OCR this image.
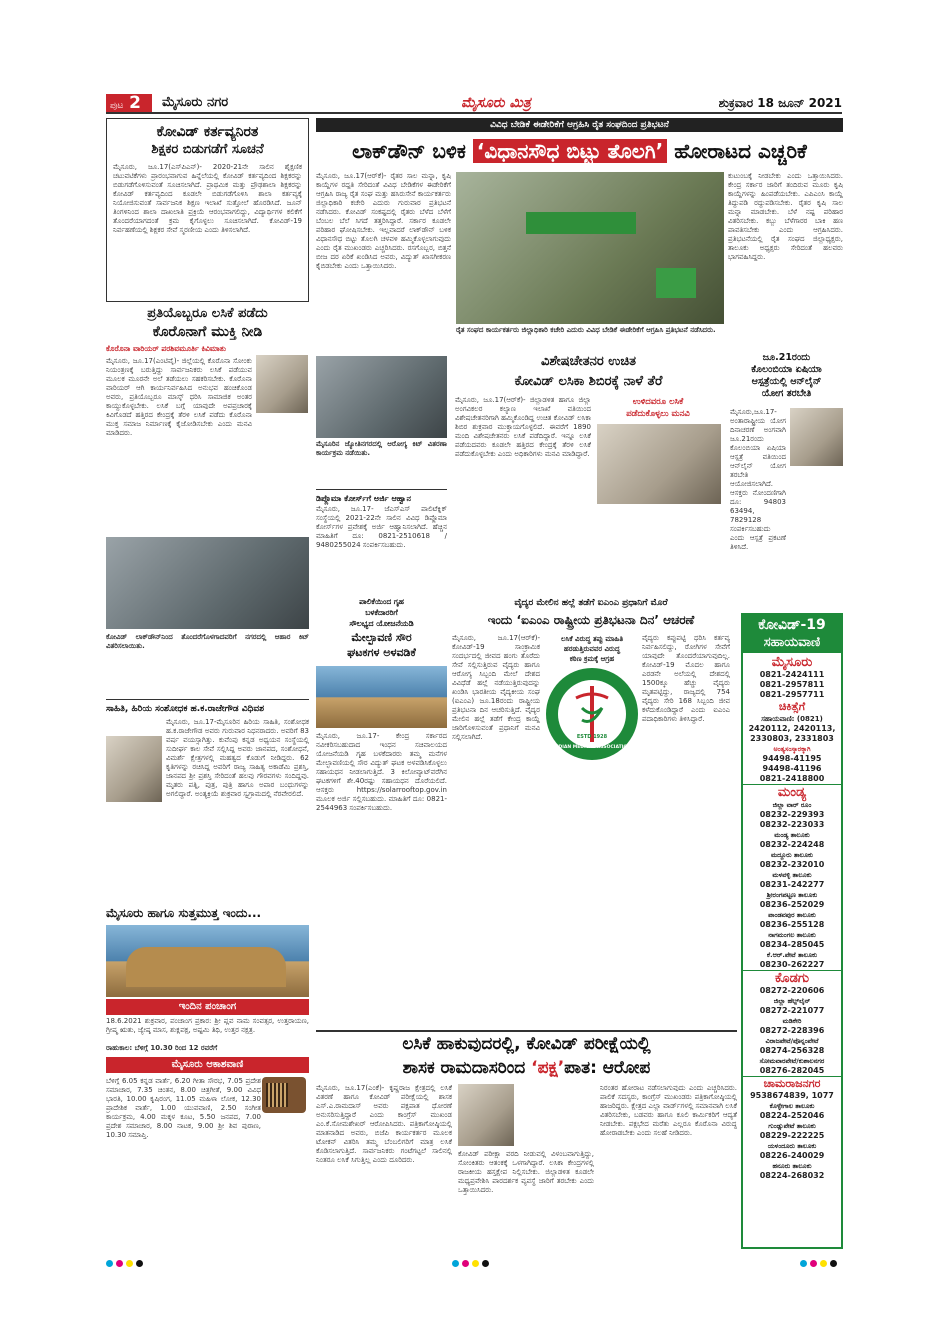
ಪುಟ 2	ಮೈಸೂರು ನಗರ	ಮೈಸೂರು ಮಿತ್ರ	ಶುಕ್ರವಾರ 18 ಜೂನ್ 2021
ಕೋವಿಡ್ ಕರ್ತವ್ಯನಿರತ
ಶಿಕ್ಷಕರ ಬಿಡುಗಡೆಗೆ ಸೂಚನೆ
ಮೈಸೂರು, ಜೂ.17(ಎಸ್‌ಪಿಎನ್)- 2020-21ನೇ ಸಾಲಿನ ಶೈಕ್ಷಣಿಕ ಚಟುವಟಿಕೆಗಳು ಪ್ರಾರಂಭವಾಗುವ ಹಿನ್ನೆಲೆಯಲ್ಲಿ ಕೋವಿಡ್ ಕರ್ತವ್ಯದಿಂದ ಶಿಕ್ಷಕರನ್ನು ಬಿಡುಗಡೆಗೊಳಿಸುವಂತೆ ಸೂಚಿಸಲಾಗಿದೆ. ಪ್ರಾಥಮಿಕ ಮತ್ತು ಪ್ರೌಢಶಾಲಾ ಶಿಕ್ಷಕರನ್ನು ಕೋವಿಡ್ ಕರ್ತವ್ಯದಿಂದ ಕೂಡಲೇ ಬಿಡುಗಡೆಗೊಳಿಸಿ ಶಾಲಾ ಕರ್ತವ್ಯಕ್ಕೆ ನಿಯೋಜಿಸುವಂತೆ ಸಾರ್ವಜನಿಕ ಶಿಕ್ಷಣ ಇಲಾಖೆ ಸುತ್ತೋಲೆ ಹೊರಡಿಸಿದೆ. ಜೂನ್ ತಿಂಗಳಿನಿಂದ ಶಾಲಾ ದಾಖಲಾತಿ ಪ್ರಕ್ರಿಯೆ ಆರಂಭವಾಗಲಿದ್ದು, ವಿದ್ಯಾರ್ಥಿಗಳ ಕಲಿಕೆಗೆ ತೊಂದರೆಯಾಗದಂತೆ ಕ್ರಮ ಕೈಗೊಳ್ಳಲು ಸೂಚಿಸಲಾಗಿದೆ. ಕೋವಿಡ್-19 ನಿರ್ವಹಣೆಯಲ್ಲಿ ಶಿಕ್ಷಕರ ಸೇವೆ ಸ್ಮರಣೀಯ ಎಂದು ತಿಳಿಸಲಾಗಿದೆ.
ಪ್ರತಿಯೊಬ್ಬರೂ ಲಸಿಕೆ ಪಡೆದು
ಕೊರೊನಾಗೆ ಮುಕ್ತಿ ನೀಡಿ
ಕೊರೊನಾ ವಾರಿಯರ್ ಪರಶಿವಮೂರ್ತಿ ಕಿವಿಮಾತು
ಮೈಸೂರು, ಜೂ.17(ಎಂಟಿವೈ)- ಜಿಲ್ಲೆಯಲ್ಲಿ ಕೊರೊನಾ ಸೋಂಕು ನಿಯಂತ್ರಣಕ್ಕೆ ಬರುತ್ತಿದ್ದು ಸಾರ್ವಜನಿಕರು ಲಸಿಕೆ ಪಡೆಯುವ ಮೂಲಕ ಮೂರನೇ ಅಲೆ ತಡೆಯಲು ಸಹಕರಿಸಬೇಕು. ಕೊರೊನಾ ವಾರಿಯರ್ ಆಗಿ ಕಾರ್ಯನಿರ್ವಹಿಸಿದ ಅನುಭವ ಹಂಚಿಕೊಂಡ ಅವರು, ಪ್ರತಿಯೊಬ್ಬರೂ ಮಾಸ್ಕ್ ಧರಿಸಿ ಸಾಮಾಜಿಕ ಅಂತರ ಕಾಯ್ದುಕೊಳ್ಳಬೇಕು. ಲಸಿಕೆ ಬಗ್ಗೆ ಯಾವುದೇ ಅಪಪ್ರಚಾರಕ್ಕೆ ಕಿವಿಗೊಡದೆ ಹತ್ತಿರದ ಕೇಂದ್ರಕ್ಕೆ ತೆರಳಿ ಲಸಿಕೆ ಪಡೆದು ಕೊರೊನಾ ಮುಕ್ತ ಸಮಾಜ ನಿರ್ಮಾಣಕ್ಕೆ ಕೈಜೋಡಿಸಬೇಕು ಎಂದು ಮನವಿ ಮಾಡಿದರು.
ಕೋವಿಡ್ ಲಾಕ್‌ಡೌನ್‌ನಿಂದ ತೊಂದರೆಗೊಳಗಾದವರಿಗೆ ನಗರದಲ್ಲಿ ಆಹಾರ ಕಿಟ್ ವಿತರಿಸಲಾಯಿತು.
ಸಾಹಿತಿ, ಹಿರಿಯ ಸಂಶೋಧಕ ಹ.ಕ.ರಾಜೇಗೌಡ ವಿಧಿವಶ
ಮೈಸೂರು, ಜೂ.17-ಮೈಸೂರಿನ ಹಿರಿಯ ಸಾಹಿತಿ, ಸಂಶೋಧಕ ಹ.ಕ.ರಾಜೇಗೌಡ ಅವರು ಗುರುವಾರ ನಿಧನರಾದರು. ಅವರಿಗೆ 83 ವರ್ಷ ವಯಸ್ಸಾಗಿತ್ತು. ಕುವೆಂಪು ಕನ್ನಡ ಅಧ್ಯಯನ ಸಂಸ್ಥೆಯಲ್ಲಿ ಸುದೀರ್ಘ ಕಾಲ ಸೇವೆ ಸಲ್ಲಿಸಿದ್ದ ಅವರು ಜಾನಪದ, ಸಂಶೋಧನೆ, ವಿಮರ್ಶೆ ಕ್ಷೇತ್ರಗಳಲ್ಲಿ ಮಹತ್ವದ ಕೊಡುಗೆ ನೀಡಿದ್ದರು. 62 ಕೃತಿಗಳನ್ನು ರಚಿಸಿದ್ದ ಅವರಿಗೆ ರಾಜ್ಯ ಸಾಹಿತ್ಯ ಅಕಾಡೆಮಿ ಪ್ರಶಸ್ತಿ, ಜಾನಪದ ಶ್ರೀ ಪ್ರಶಸ್ತಿ ಸೇರಿದಂತೆ ಹಲವು ಗೌರವಗಳು ಸಂದಿದ್ದವು. ಮೃತರು ಪತ್ನಿ, ಪುತ್ರ, ಪುತ್ರಿ ಹಾಗೂ ಅಪಾರ ಬಂಧುಗಳನ್ನು ಅಗಲಿದ್ದಾರೆ. ಅಂತ್ಯಕ್ರಿಯೆ ಶುಕ್ರವಾರ ಸ್ವಗ್ರಾಮದಲ್ಲಿ ನೆರವೇರಲಿದೆ.
ಮೈಸೂರು ಹಾಗೂ ಸುತ್ತಮುತ್ತ ಇಂದು...
ಇಂದಿನ ಪಂಚಾಂಗ
18.6.2021 ಶುಕ್ರವಾರ, ಪಂಚಾಂಗ ಪ್ರಕಾರ: ಶ್ರೀ ಪ್ಲವ ನಾಮ ಸಂವತ್ಸರ, ಉತ್ತರಾಯಣ, ಗ್ರೀಷ್ಮ ಋತು, ಜ್ಯೇಷ್ಠ ಮಾಸ, ಶುಕ್ಲಪಕ್ಷ, ಅಷ್ಟಮಿ ತಿಥಿ, ಉತ್ತರ ನಕ್ಷತ್ರ.
ರಾಹುಕಾಲ: ಬೆಳಿಗ್ಗೆ 10.30 ರಿಂದ 12 ರವರೆಗೆ
ಮೈಸೂರು ಆಕಾಶವಾಣಿ
ಬೆಳಿಗ್ಗೆ 6.05 ಕನ್ನಡ ವಾರ್ತೆ, 6.20 ಗೀತಾ ಸೌರಭ, 7.05 ಪ್ರದೇಶ ಸಮಾಚಾರ, 7.35 ಚಿಂತನ, 8.00 ಚಿತ್ರಗೀತೆ, 9.00 ವಿವಿಧ ಭಾರತಿ, 10.00 ಕೃಷಿರಂಗ, 11.05 ಮಹಿಳಾ ಲೋಕ, 12.30 ಪ್ರಾದೇಶಿಕ ವಾರ್ತೆ, 1.00 ಯುವವಾಣಿ, 2.50 ಸಂಗೀತ ಕಾರ್ಯಕ್ರಮ, 4.00 ಮಕ್ಕಳ ಕೂಟ, 5.50 ಜನಪದ, 7.00 ಪ್ರದೇಶ ಸಮಾಚಾರ, 8.00 ನಾಟಕ, 9.00 ಶ್ರೀ ಶಿವ ಪುರಾಣ, 10.30 ಸಮಾಪ್ತಿ.
ವಿವಿಧ ಬೇಡಿಕೆ ಈಡೇರಿಕೆಗೆ ಆಗ್ರಹಿಸಿ ರೈತ ಸಂಘದಿಂದ ಪ್ರತಿಭಟನೆ
ಲಾಕ್‌ಡೌನ್ ಬಳಿಕ ‘ವಿಧಾನಸೌಧ ಬಿಟ್ಟು ತೊಲಗಿ’ ಹೋರಾಟದ ಎಚ್ಚರಿಕೆ
ಮೈಸೂರು, ಜೂ.17(ಆರ್‌ಕೆ)- ರೈತರ ಸಾಲ ಮನ್ನಾ, ಕೃಷಿ ಕಾಯ್ದೆಗಳ ರದ್ದತಿ ಸೇರಿದಂತೆ ವಿವಿಧ ಬೇಡಿಕೆಗಳ ಈಡೇರಿಕೆಗೆ ಆಗ್ರಹಿಸಿ ರಾಜ್ಯ ರೈತ ಸಂಘ ಮತ್ತು ಹಸಿರುಸೇನೆ ಕಾರ್ಯಕರ್ತರು ಜಿಲ್ಲಾಧಿಕಾರಿ ಕಚೇರಿ ಎದುರು ಗುರುವಾರ ಪ್ರತಿಭಟನೆ ನಡೆಸಿದರು. ಕೋವಿಡ್ ಸಂಕಷ್ಟದಲ್ಲಿ ರೈತರು ಬೆಳೆದ ಬೆಳೆಗೆ ಬೆಂಬಲ ಬೆಲೆ ಸಿಗದೆ ತತ್ತರಿಸಿದ್ದಾರೆ. ಸರ್ಕಾರ ಕೂಡಲೇ ಪರಿಹಾರ ಘೋಷಿಸಬೇಕು. ಇಲ್ಲವಾದರೆ ಲಾಕ್‌ಡೌನ್ ಬಳಿಕ ವಿಧಾನಸೌಧ ಬಿಟ್ಟು ತೊಲಗಿ ಚಳವಳಿ ಹಮ್ಮಿಕೊಳ್ಳಲಾಗುವುದು ಎಂದು ರೈತ ಮುಖಂಡರು ಎಚ್ಚರಿಸಿದರು. ರಸಗೊಬ್ಬರ, ಬಿತ್ತನೆ ಬೀಜ ದರ ಏರಿಕೆ ಖಂಡಿಸಿದ ಅವರು, ವಿದ್ಯುತ್ ಖಾಸಗೀಕರಣ ಕೈಬಿಡಬೇಕು ಎಂದು ಒತ್ತಾಯಿಸಿದರು.
ರೈತ ಸಂಘದ ಕಾರ್ಯಕರ್ತರು ಜಿಲ್ಲಾಧಿಕಾರಿ ಕಚೇರಿ ಎದುರು ವಿವಿಧ ಬೇಡಿಕೆ ಈಡೇರಿಕೆಗೆ ಆಗ್ರಹಿಸಿ ಪ್ರತಿಭಟನೆ ನಡೆಸಿದರು.
ಕುಟುಂಬಕ್ಕೆ ನೀಡಬೇಕು ಎಂದು ಒತ್ತಾಯಿಸಿದರು. ಕೇಂದ್ರ ಸರ್ಕಾರ ಜಾರಿಗೆ ತಂದಿರುವ ಮೂರು ಕೃಷಿ ಕಾಯ್ದೆಗಳನ್ನು ಹಿಂಪಡೆಯಬೇಕು. ಎಪಿಎಂಸಿ ಕಾಯ್ದೆ ತಿದ್ದುಪಡಿ ರದ್ದುಪಡಿಸಬೇಕು. ರೈತರ ಕೃಷಿ ಸಾಲ ಮನ್ನಾ ಮಾಡಬೇಕು. ಬೆಳೆ ನಷ್ಟ ಪರಿಹಾರ ವಿತರಿಸಬೇಕು. ಕಬ್ಬು ಬೆಳೆಗಾರರ ಬಾಕಿ ಹಣ ಪಾವತಿಸಬೇಕು ಎಂದು ಆಗ್ರಹಿಸಿದರು. ಪ್ರತಿಭಟನೆಯಲ್ಲಿ ರೈತ ಸಂಘದ ಜಿಲ್ಲಾಧ್ಯಕ್ಷರು, ತಾಲೂಕು ಅಧ್ಯಕ್ಷರು ಸೇರಿದಂತೆ ಹಲವರು ಭಾಗವಹಿಸಿದ್ದರು.
ಮೈಸೂರಿನ ಜ್ಯೋತಿನಗರದಲ್ಲಿ ಆರೋಗ್ಯ ಕಿಟ್ ವಿತರಣಾ ಕಾರ್ಯಕ್ರಮ ನಡೆಯಿತು.
ಡಿಪ್ಲೊಮಾ ಕೋರ್ಸ್‌ಗೆ ಅರ್ಜಿ ಆಹ್ವಾನ
ಮೈಸೂರು, ಜೂ.17- ಜೆಎಸ್‌ಎಸ್ ಪಾಲಿಟೆಕ್ನಿಕ್ ಸಂಸ್ಥೆಯಲ್ಲಿ 2021-22ನೇ ಸಾಲಿನ ವಿವಿಧ ಡಿಪ್ಲೊಮಾ ಕೋರ್ಸ್‌ಗಳ ಪ್ರವೇಶಕ್ಕೆ ಅರ್ಜಿ ಆಹ್ವಾನಿಸಲಾಗಿದೆ. ಹೆಚ್ಚಿನ ಮಾಹಿತಿಗೆ ದೂ: 0821-2510618 / 9480255024 ಸಂಪರ್ಕಿಸಬಹುದು.
ವಿಶೇಷಚೇತನರ ಉಚಿತ
ಕೋವಿಡ್ ಲಸಿಕಾ ಶಿಬಿರಕ್ಕೆ ನಾಳೆ ತೆರೆ
ಉಳಿದವರೂ ಲಸಿಕೆ
ಪಡೆದುಕೊಳ್ಳಲು ಮನವಿ
ಮೈಸೂರು, ಜೂ.17(ಆರ್‌ಕೆ)- ಜಿಲ್ಲಾಡಳಿತ ಹಾಗೂ ಜಿಲ್ಲಾ ಅಂಗವಿಕಲರ ಕಲ್ಯಾಣ ಇಲಾಖೆ ವತಿಯಿಂದ ವಿಶೇಷಚೇತನರಿಗಾಗಿ ಹಮ್ಮಿಕೊಂಡಿದ್ದ ಉಚಿತ ಕೋವಿಡ್ ಲಸಿಕಾ ಶಿಬಿರ ಶುಕ್ರವಾರ ಮುಕ್ತಾಯಗೊಳ್ಳಲಿದೆ. ಈವರೆಗೆ 1890 ಮಂದಿ ವಿಶೇಷಚೇತನರು ಲಸಿಕೆ ಪಡೆದಿದ್ದಾರೆ. ಇನ್ನೂ ಲಸಿಕೆ ಪಡೆಯದವರು ಕೂಡಲೇ ಹತ್ತಿರದ ಕೇಂದ್ರಕ್ಕೆ ತೆರಳಿ ಲಸಿಕೆ ಪಡೆದುಕೊಳ್ಳಬೇಕು ಎಂದು ಅಧಿಕಾರಿಗಳು ಮನವಿ ಮಾಡಿದ್ದಾರೆ.
ಜೂ.21ರಂದು
ಕೊಲಂಬಿಯಾ ಏಷಿಯಾ
ಆಸ್ಪತ್ರೆಯಲ್ಲಿ ಆನ್‌ಲೈನ್
ಯೋಗ ತರಬೇತಿ
ಮೈಸೂರು,ಜೂ.17-ಅಂತಾರಾಷ್ಟ್ರೀಯ ಯೋಗ ದಿನಾಚರಣೆ ಅಂಗವಾಗಿ ಜೂ.21ರಂದು ಕೊಲಂಬಿಯಾ ಏಷಿಯಾ ಆಸ್ಪತ್ರೆ ವತಿಯಿಂದ ಆನ್‌ಲೈನ್ ಯೋಗ ತರಬೇತಿ ಆಯೋಜಿಸಲಾಗಿದೆ. ಆಸಕ್ತರು ನೋಂದಣಿಗಾಗಿ ದೂ: 94803 63494, 7829128 ಸಂಪರ್ಕಿಸಬಹುದು ಎಂದು ಆಸ್ಪತ್ರೆ ಪ್ರಕಟಣೆ ತಿಳಿಸಿದೆ.
ಪಾಲಿಕೆಯಿಂದ ಗೃಹ
ಬಳಕೆದಾರರಿಗೆ
ಸೌಲಭ್ಯದ ಯೋಜನೆಯಡಿ
ಮೇಲ್ಛಾವಣಿ ಸೌರ
ಘಟಕಗಳ ಅಳವಡಿಕೆ
ಮೈಸೂರು, ಜೂ.17- ಕೇಂದ್ರ ಸರ್ಕಾರದ ನವೀಕರಿಸಬಹುದಾದ ಇಂಧನ ಸಚಿವಾಲಯದ ಯೋಜನೆಯಡಿ ಗೃಹ ಬಳಕೆದಾರರು ತಮ್ಮ ಮನೆಗಳ ಮೇಲ್ಛಾವಣಿಯಲ್ಲಿ ಸೌರ ವಿದ್ಯುತ್ ಘಟಕ ಅಳವಡಿಸಿಕೊಳ್ಳಲು ಸಹಾಯಧನ ನೀಡಲಾಗುತ್ತಿದೆ. 3 ಕಿಲೋವ್ಯಾಟ್‌ವರೆಗಿನ ಘಟಕಗಳಿಗೆ ಶೇ.40ರಷ್ಟು ಸಹಾಯಧನ ದೊರೆಯಲಿದೆ. ಆಸಕ್ತರು https://solarrooftop.gov.in ಮೂಲಕ ಅರ್ಜಿ ಸಲ್ಲಿಸಬಹುದು. ಮಾಹಿತಿಗೆ ದೂ: 0821-2544963 ಸಂಪರ್ಕಿಸಬಹುದು.
ವೈದ್ಯರ ಮೇಲಿನ ಹಲ್ಲೆ ತಡೆಗೆ ಐಎಂಎ ಪ್ರಧಾನಿಗೆ ಮೊರೆ
ಇಂದು ‘ಐಎಂಎ ರಾಷ್ಟ್ರೀಯ ಪ್ರತಿಭಟನಾ ದಿನ’ ಆಚರಣೆ
ಮೈಸೂರು, ಜೂ.17(ಆರ್‌ಕೆ)- ಕೋವಿಡ್-19 ಸಾಂಕ್ರಾಮಿಕ ಸಂದರ್ಭದಲ್ಲಿ ಜೀವದ ಹಂಗು ತೊರೆದು ಸೇವೆ ಸಲ್ಲಿಸುತ್ತಿರುವ ವೈದ್ಯರು ಹಾಗೂ ಆರೋಗ್ಯ ಸಿಬ್ಬಂದಿ ಮೇಲೆ ದೇಶದ ವಿವಿಧೆಡೆ ಹಲ್ಲೆ ನಡೆಯುತ್ತಿರುವುದನ್ನು ಖಂಡಿಸಿ ಭಾರತೀಯ ವೈದ್ಯಕೀಯ ಸಂಘ (ಐಎಂಎ) ಜೂ.18ರಂದು ರಾಷ್ಟ್ರೀಯ ಪ್ರತಿಭಟನಾ ದಿನ ಆಚರಿಸುತ್ತಿದೆ. ವೈದ್ಯರ ಮೇಲಿನ ಹಲ್ಲೆ ತಡೆಗೆ ಕೇಂದ್ರ ಕಾಯ್ದೆ ಜಾರಿಗೊಳಿಸುವಂತೆ ಪ್ರಧಾನಿಗೆ ಮನವಿ ಸಲ್ಲಿಸಲಾಗಿದೆ.
ಲಸಿಕೆ ವಿರುದ್ಧ ತಪ್ಪು ಮಾಹಿತಿ
ಹರಡುತ್ತಿರುವವರ ವಿರುದ್ಧ
ಕಠಿಣ ಕ್ರಮಕ್ಕೆ ಆಗ್ರಹ
INDIAN MEDICAL ASSOCIATION
ESTD 1928
ವೈದ್ಯರು ಕಪ್ಪುಪಟ್ಟಿ ಧರಿಸಿ ಕರ್ತವ್ಯ ನಿರ್ವಹಿಸಲಿದ್ದು, ರೋಗಿಗಳ ಸೇವೆಗೆ ಯಾವುದೇ ತೊಂದರೆಯಾಗುವುದಿಲ್ಲ. ಕೋವಿಡ್-19 ಮೊದಲ ಹಾಗೂ ಎರಡನೇ ಅಲೆಯಲ್ಲಿ ದೇಶದಲ್ಲಿ 1500ಕ್ಕೂ ಹೆಚ್ಚು ವೈದ್ಯರು ಮೃತಪಟ್ಟಿದ್ದು, ರಾಜ್ಯದಲ್ಲಿ 754 ವೈದ್ಯರು ಸೇರಿ 168 ಸಿಬ್ಬಂದಿ ಜೀವ ಕಳೆದುಕೊಂಡಿದ್ದಾರೆ ಎಂದು ಐಎಂಎ ಪದಾಧಿಕಾರಿಗಳು ತಿಳಿಸಿದ್ದಾರೆ.
ಕೋವಿಡ್-19
ಸಹಾಯವಾಣಿ
ಮೈಸೂರು
0821-2424111
0821-2957811
0821-2957711
ಚಿಕಿತ್ಸೆಗೆ
ಸಹಾಯವಾಣಿ: (0821)
2420112, 2420113,
2330803, 2331803
ಅಂತ್ಯಸಂಸ್ಕಾರಕ್ಕಾಗಿ
94498-41195
94498-41196
0821-2418800
ಮಂಡ್ಯ
ಜಿಲ್ಲಾ ವಾರ್ ರೂಂ
08232-229393
08232-223033
ಮಂಡ್ಯ ತಾಲೂಕು
08232-224248
ಮದ್ದೂರು ತಾಲೂಕು
08232-232010
ಮಳವಳ್ಳಿ ತಾಲೂಕು
08231-242277
ಶ್ರೀರಂಗಪಟ್ಟಣ ತಾಲೂಕು
08236-252029
ಪಾಂಡವಪುರ ತಾಲೂಕು
08236-255128
ನಾಗಮಂಗಲ ತಾಲೂಕು
08234-285045
ಕೆ.ಆರ್.ಪೇಟೆ ತಾಲೂಕು
08230-262227
ಕೊಡಗು
08272-220606
ಜಿಲ್ಲಾ ಹೆಲ್ಪ್‌ಲೈನ್
08272-221077
ಮಡಿಕೇರಿ
08272-228396
ವಿರಾಜಪೇಟೆ/ಪೊನ್ನಂಪೇಟೆ
08274-256328
ಸೋಮವಾರಪೇಟೆ/ಕುಶಾಲನಗರ
08276-282045
ಚಾಮರಾಜನಗರ
9538674839, 1077
ಕೊಳ್ಳೇಗಾಲ ತಾಲೂಕು
08224-252046
ಗುಂಡ್ಲುಪೇಟೆ ತಾಲೂಕು
08229-222225
ಯಳಂದೂರು ತಾಲೂಕು
08226-240029
ಹನೂರು ತಾಲೂಕು
08224-268032
ಲಸಿಕೆ ಹಾಕುವುದರಲ್ಲಿ, ಕೋವಿಡ್ ಪರೀಕ್ಷೆಯಲ್ಲಿ
ಶಾಸಕ ರಾಮದಾಸರಿಂದ ‘ಪಕ್ಷ’ಪಾತ: ಆರೋಪ
ಮೈಸೂರು, ಜೂ.17(ಎಂಕೆ)- ಕೃಷ್ಣರಾಜ ಕ್ಷೇತ್ರದಲ್ಲಿ ಲಸಿಕೆ ವಿತರಣೆ ಹಾಗೂ ಕೋವಿಡ್ ಪರೀಕ್ಷೆಯಲ್ಲಿ ಶಾಸಕ ಎಸ್.ಎ.ರಾಮದಾಸ್ ಅವರು ಪಕ್ಷಪಾತ ಧೋರಣೆ ಅನುಸರಿಸುತ್ತಿದ್ದಾರೆ ಎಂದು ಕಾಂಗ್ರೆಸ್ ಮುಖಂಡ ಎಂ.ಕೆ.ಸೋಮಶೇಖರ್ ಆರೋಪಿಸಿದರು. ಪತ್ರಿಕಾಗೋಷ್ಠಿಯಲ್ಲಿ ಮಾತನಾಡಿದ ಅವರು, ಬಿಜೆಪಿ ಕಾರ್ಯಕರ್ತರ ಮೂಲಕ ಟೋಕನ್ ವಿತರಿಸಿ ತಮ್ಮ ಬೆಂಬಲಿಗರಿಗೆ ಮಾತ್ರ ಲಸಿಕೆ ಕೊಡಿಸಲಾಗುತ್ತಿದೆ. ಸಾರ್ವಜನಿಕರು ಗಂಟೆಗಟ್ಟಲೆ ಸಾಲಿನಲ್ಲಿ ನಿಂತರೂ ಲಸಿಕೆ ಸಿಗುತ್ತಿಲ್ಲ ಎಂದು ದೂರಿದರು.
ಕೋವಿಡ್ ಪರೀಕ್ಷಾ ವರದಿ ನೀಡುವಲ್ಲಿ ವಿಳಂಬವಾಗುತ್ತಿದ್ದು, ಸೋಂಕಿತರು ಆತಂಕಕ್ಕೆ ಒಳಗಾಗಿದ್ದಾರೆ. ಲಸಿಕಾ ಕೇಂದ್ರಗಳಲ್ಲಿ ರಾಜಕೀಯ ಹಸ್ತಕ್ಷೇಪ ನಿಲ್ಲಿಸಬೇಕು. ಜಿಲ್ಲಾಡಳಿತ ಕೂಡಲೇ ಮಧ್ಯಪ್ರವೇಶಿಸಿ ಪಾರದರ್ಶಕ ವ್ಯವಸ್ಥೆ ಜಾರಿಗೆ ತರಬೇಕು ಎಂದು ಒತ್ತಾಯಿಸಿದರು.
ನಿರಂತರ ಹೋರಾಟ ನಡೆಸಲಾಗುವುದು ಎಂದು ಎಚ್ಚರಿಸಿದರು. ಪಾಲಿಕೆ ಸದಸ್ಯರು, ಕಾಂಗ್ರೆಸ್ ಮುಖಂಡರು ಪತ್ರಿಕಾಗೋಷ್ಠಿಯಲ್ಲಿ ಹಾಜರಿದ್ದರು. ಕ್ಷೇತ್ರದ ಎಲ್ಲಾ ವಾರ್ಡ್‌ಗಳಲ್ಲಿ ಸಮಾನವಾಗಿ ಲಸಿಕೆ ವಿತರಿಸಬೇಕು, ಬಡವರು ಹಾಗೂ ಕೂಲಿ ಕಾರ್ಮಿಕರಿಗೆ ಆದ್ಯತೆ ನೀಡಬೇಕು. ಪಕ್ಷಭೇದ ಮರೆತು ಎಲ್ಲರೂ ಕೊರೊನಾ ವಿರುದ್ಧ ಹೋರಾಡಬೇಕು ಎಂದು ಸಲಹೆ ನೀಡಿದರು.
